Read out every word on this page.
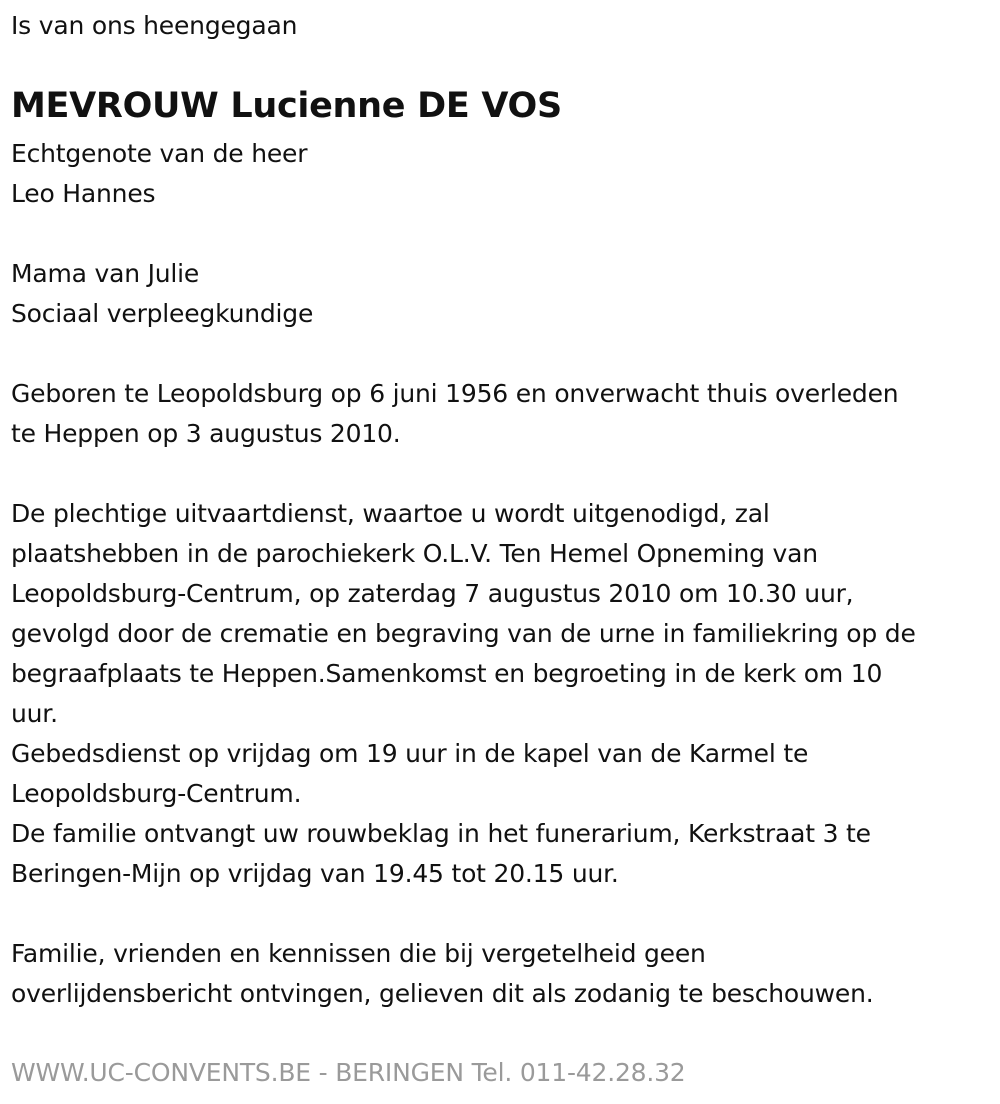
Is van ons heengegaan
MEVROUW Lucienne DE VOS
Echtgenote van de heer
Leo Hannes
Mama van Julie
Sociaal verpleegkundige
Geboren te Leopoldsburg op 6 juni 1956 en onverwacht thuis overleden
te Heppen op 3 augustus 2010.
De plechtige uitvaartdienst, waartoe u wordt uitgenodigd, zal
plaatshebben in de parochiekerk O.L.V. Ten Hemel Opneming van
Leopoldsburg-Centrum, op zaterdag 7 augustus 2010 om 10.30 uur,
gevolgd door de crematie en begraving van de urne in familiekring op de
begraafplaats te Heppen.Samenkomst en begroeting in de kerk om 10
uur.
Gebedsdienst op vrijdag om 19 uur in de kapel van de Karmel te
Leopoldsburg-Centrum.
De familie ontvangt uw rouwbeklag in het funerarium, Kerkstraat 3 te
Beringen-Mijn op vrijdag van 19.45 tot 20.15 uur.
Familie, vrienden en kennissen die bij vergetelheid geen
overlijdensbericht ontvingen, gelieven dit als zodanig te beschouwen.
WWW.UC-CONVENTS.BE - BERINGEN Tel. 011-42.28.32
